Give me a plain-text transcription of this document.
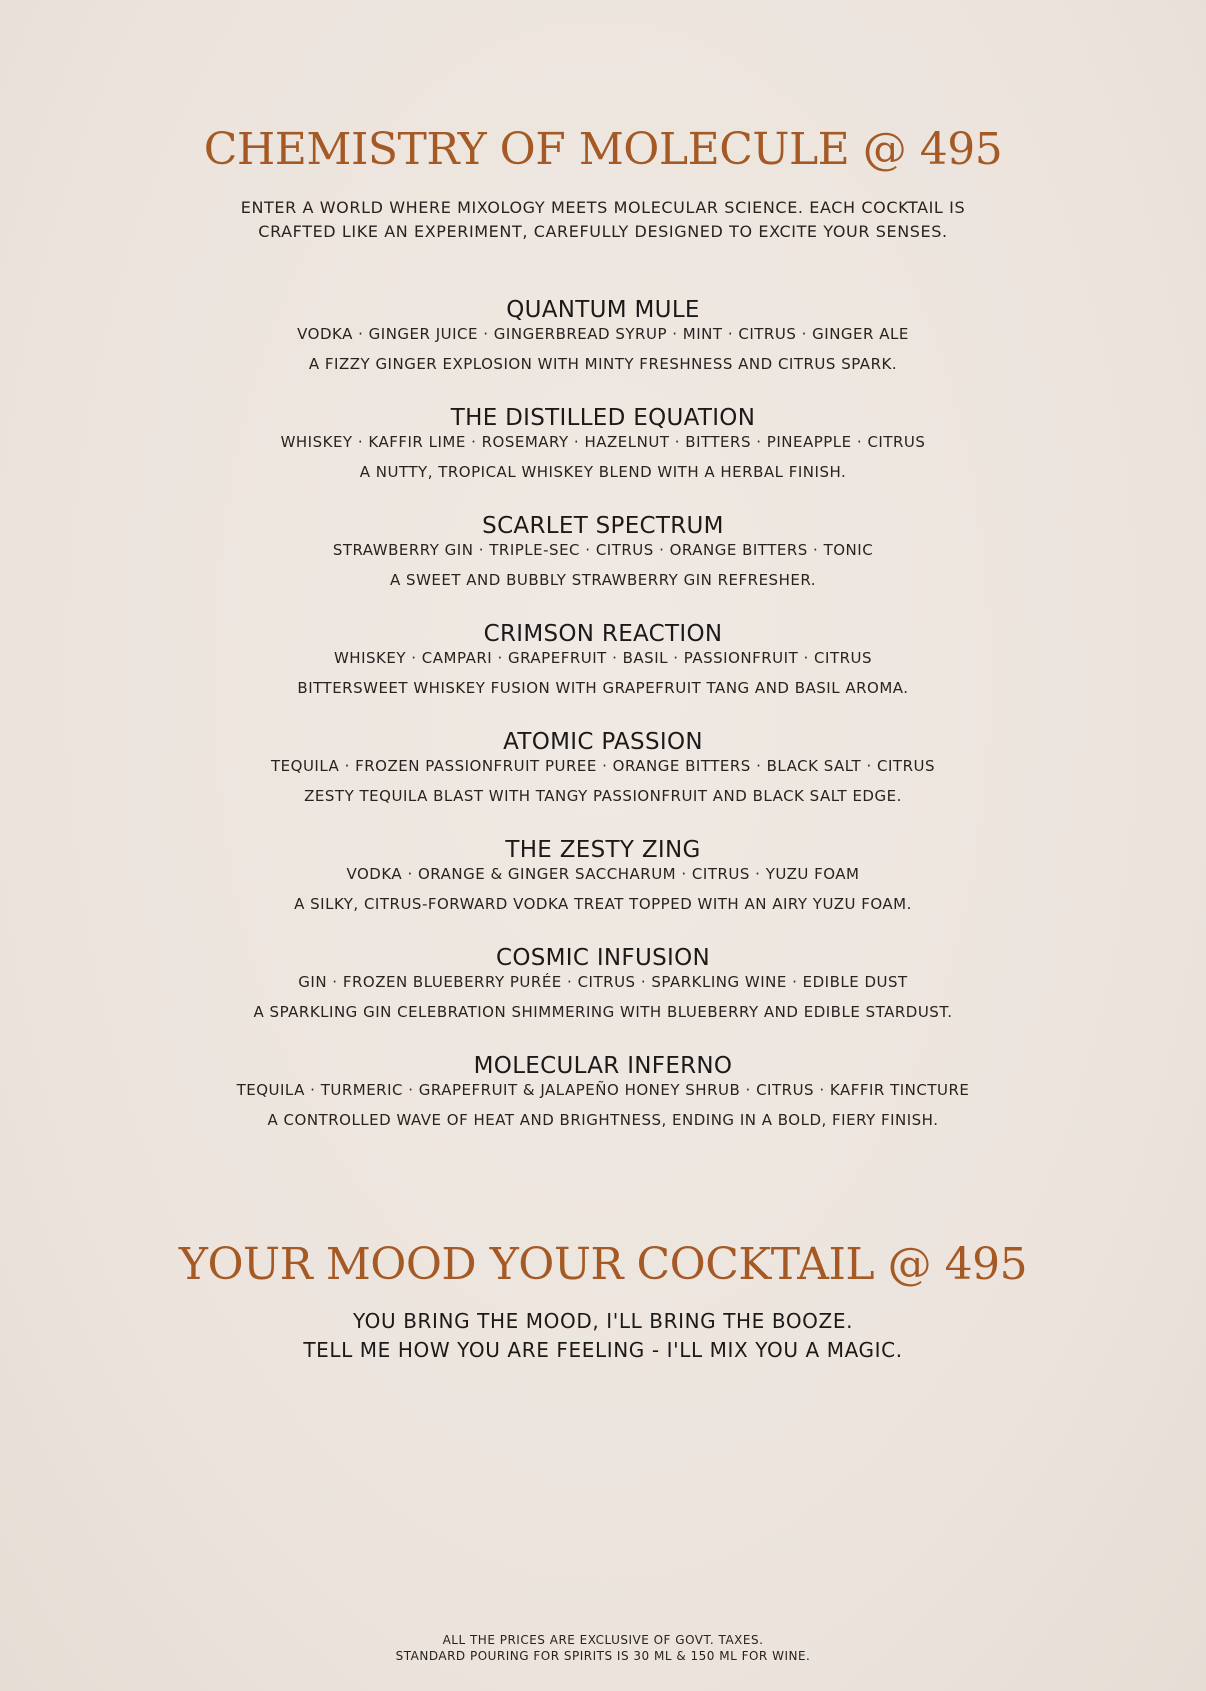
CHEMISTRY OF MOLECULE @ 495
ENTER A WORLD WHERE MIXOLOGY MEETS MOLECULAR SCIENCE. EACH COCKTAIL IS
CRAFTED LIKE AN EXPERIMENT, CAREFULLY DESIGNED TO EXCITE YOUR SENSES.
QUANTUM MULE
VODKA · GINGER JUICE · GINGERBREAD SYRUP · MINT · CITRUS · GINGER ALE
A FIZZY GINGER EXPLOSION WITH MINTY FRESHNESS AND CITRUS SPARK.
THE DISTILLED EQUATION
WHISKEY · KAFFIR LIME · ROSEMARY · HAZELNUT · BITTERS · PINEAPPLE · CITRUS
A NUTTY, TROPICAL WHISKEY BLEND WITH A HERBAL FINISH.
SCARLET SPECTRUM
STRAWBERRY GIN · TRIPLE-SEC · CITRUS · ORANGE BITTERS · TONIC
A SWEET AND BUBBLY STRAWBERRY GIN REFRESHER.
CRIMSON REACTION
WHISKEY · CAMPARI · GRAPEFRUIT · BASIL · PASSIONFRUIT · CITRUS
BITTERSWEET WHISKEY FUSION WITH GRAPEFRUIT TANG AND BASIL AROMA.
ATOMIC PASSION
TEQUILA · FROZEN PASSIONFRUIT PUREE · ORANGE BITTERS · BLACK SALT · CITRUS
ZESTY TEQUILA BLAST WITH TANGY PASSIONFRUIT AND BLACK SALT EDGE.
THE ZESTY ZING
VODKA · ORANGE & GINGER SACCHARUM · CITRUS · YUZU FOAM
A SILKY, CITRUS-FORWARD VODKA TREAT TOPPED WITH AN AIRY YUZU FOAM.
COSMIC INFUSION
GIN · FROZEN BLUEBERRY PURÉE · CITRUS · SPARKLING WINE · EDIBLE DUST
A SPARKLING GIN CELEBRATION SHIMMERING WITH BLUEBERRY AND EDIBLE STARDUST.
MOLECULAR INFERNO
TEQUILA · TURMERIC · GRAPEFRUIT & JALAPEÑO HONEY SHRUB · CITRUS · KAFFIR TINCTURE
A CONTROLLED WAVE OF HEAT AND BRIGHTNESS, ENDING IN A BOLD, FIERY FINISH.
YOUR MOOD YOUR COCKTAIL @ 495
YOU BRING THE MOOD, I'LL BRING THE BOOZE.
TELL ME HOW YOU ARE FEELING - I'LL MIX YOU A MAGIC.
ALL THE PRICES ARE EXCLUSIVE OF GOVT. TAXES.
STANDARD POURING FOR SPIRITS IS 30 ML & 150 ML FOR WINE.
